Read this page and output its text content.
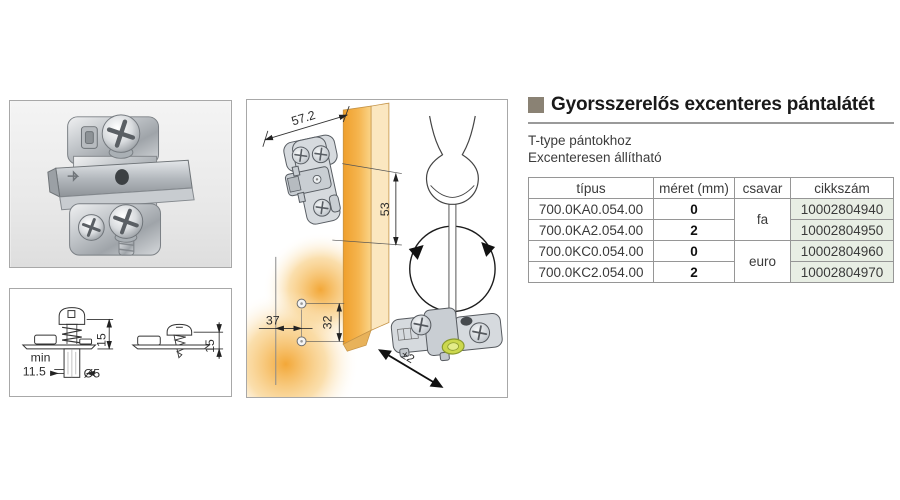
15
min
11.5	Ø5
15
57.2
53
±2
37	32
Gyorsszerelős excenteres pántalátét
T-type pántokhoz
Excenteresen állítható
típus	méret (mm)	csavar	cikkszám
700.0KA0.054.00	0	fa	10002804940
700.0KA2.054.00	2		10002804950
700.0KC0.054.00	0	euro	10002804960
700.0KC2.054.00	2		10002804970
